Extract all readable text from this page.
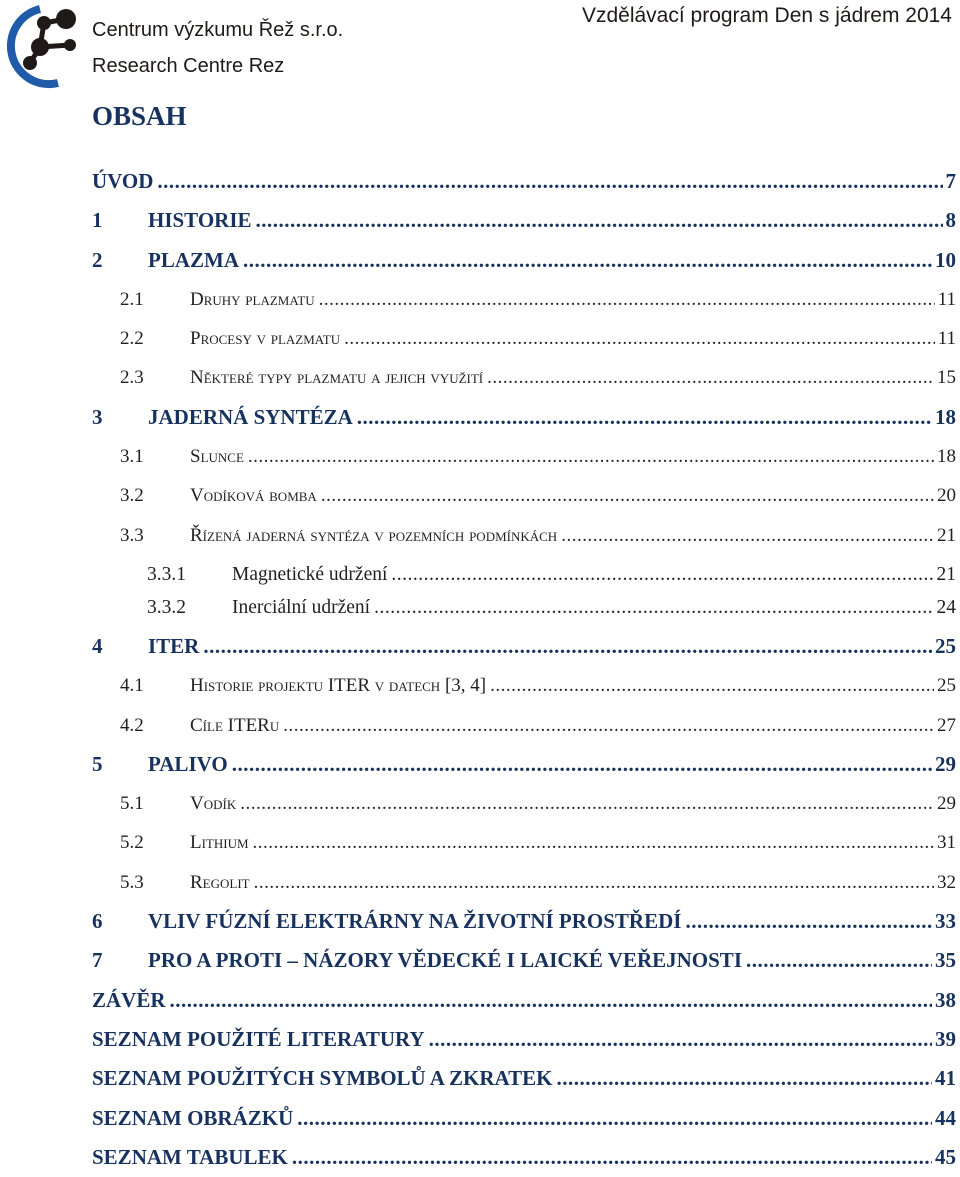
Centrum výzkumu Řež s.r.o.
Research Centre Rez
Vzdělávací program Den s jádrem 2014
OBSAH
ÚVOD .....	7
1	HISTORIE .....	8
2	PLAZMA .....	10
2.1	Druhy plazmatu .....	11
2.2	Procesy v plazmatu .....	11
2.3	Některé typy plazmatu a jejich využití .....	15
3	JADERNÁ SYNTÉZA .....	18
3.1	Slunce .....	18
3.2	Vodíková bomba .....	20
3.3	Řízená jaderná syntéza v pozemních podmínkách .....	21
3.3.1	Magnetické udržení .....	21
3.3.2	Inerciální udržení .....	24
4	ITER .....	25
4.1	Historie projektu ITER v datech [3, 4] .....	25
4.2	Cíle ITERu .....	27
5	PALIVO .....	29
5.1	Vodík .....	29
5.2	Lithium .....	31
5.3	Regolit .....	32
6	VLIV FÚZNÍ ELEKTRÁRNY NA ŽIVOTNÍ PROSTŘEDÍ .....	33
7	PRO A PROTI – NÁZORY VĚDECKÉ I LAICKÉ VEŘEJNOSTI .....	35
ZÁVĚR .....	38
SEZNAM POUŽITÉ LITERATURY .....	39
SEZNAM POUŽITÝCH SYMBOLŮ A ZKRATEK .....	41
SEZNAM OBRÁZKŮ .....	44
SEZNAM TABULEK .....	45
